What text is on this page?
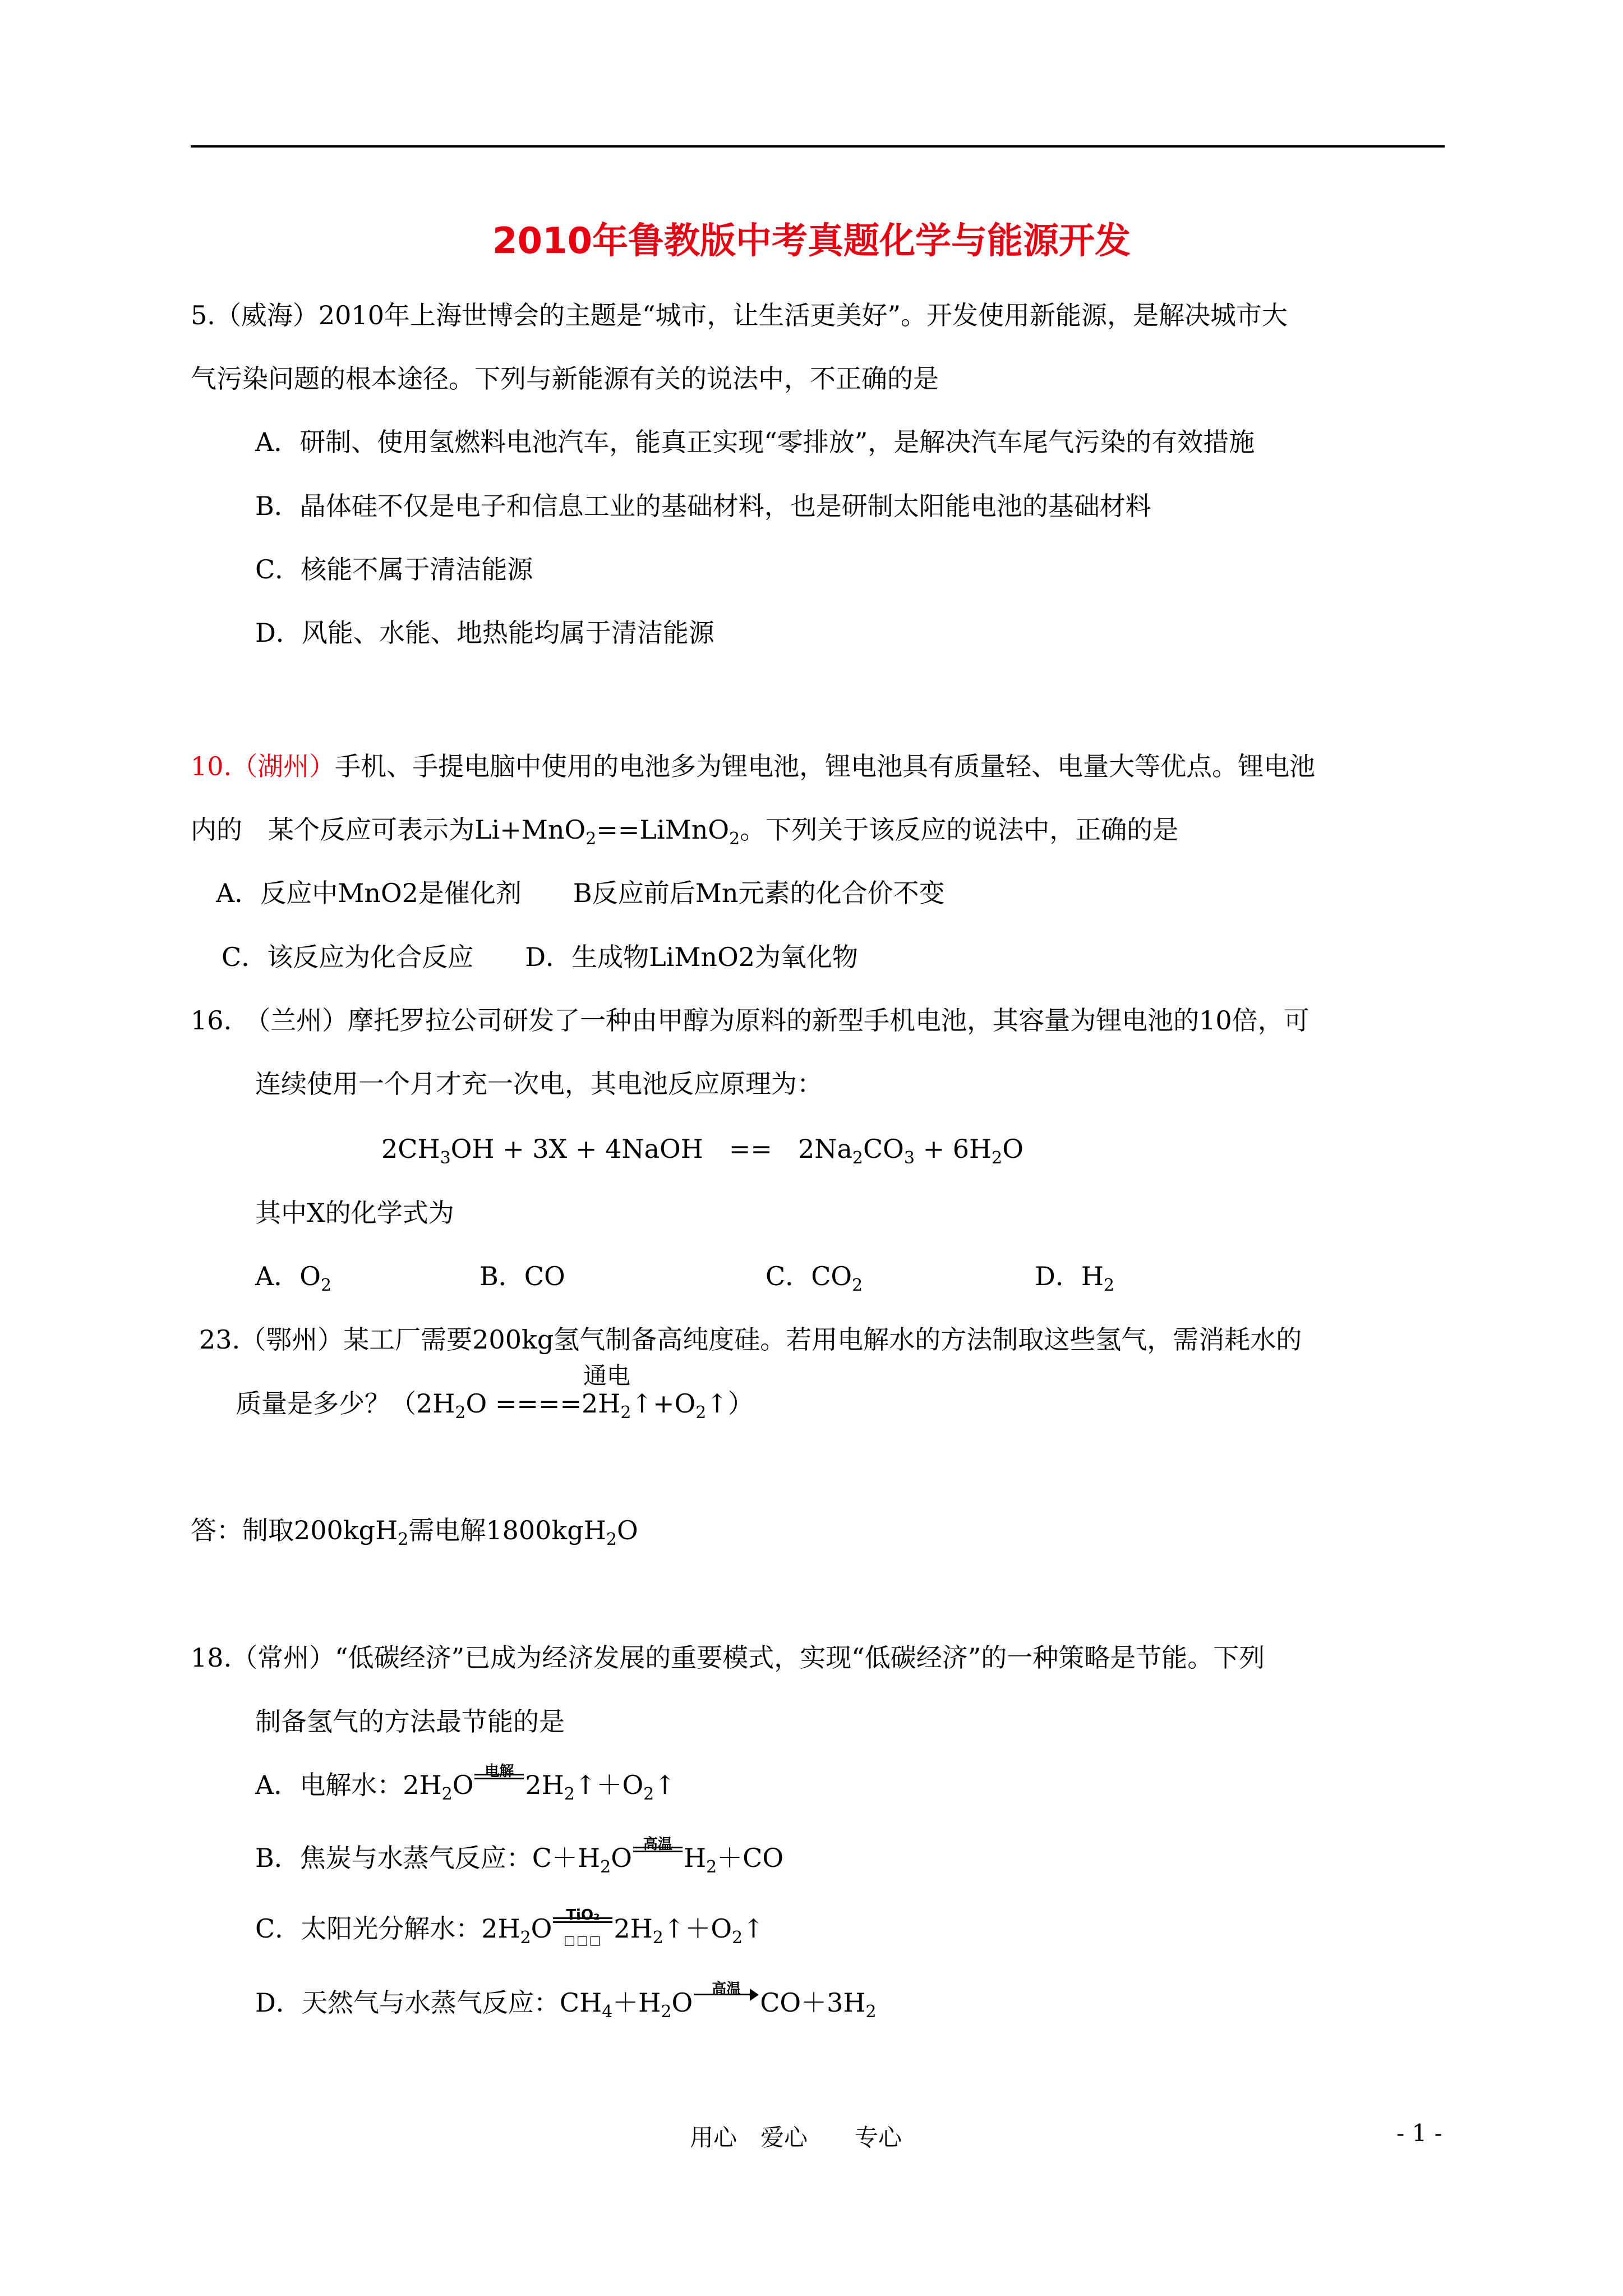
2010年鲁教版中考真题化学与能源开发
5.（威海）2010年上海世博会的主题是“城市，让生活更美好”。开发使用新能源，是解决城市大
气污染问题的根本途径。下列与新能源有关的说法中，不正确的是
A．研制、使用氢燃料电池汽车，能真正实现“零排放”，是解决汽车尾气污染的有效措施
B．晶体硅不仅是电子和信息工业的基础材料，也是研制太阳能电池的基础材料
C．核能不属于清洁能源
D．风能、水能、地热能均属于清洁能源
10.（湖州）手机、手提电脑中使用的电池多为锂电池，锂电池具有质量轻、电量大等优点。锂电池
内的　某个反应可表示为Li+MnO$_2$==LiMnO$_2$。下列关于该反应的说法中，正确的是
A．反应中MnO2是催化剂　　B反应前后Mn元素的化合价不变
C．该反应为化合反应　　D．生成物LiMnO2为氧化物
16.　（兰州）摩托罗拉公司研发了一种由甲醇为原料的新型手机电池，其容量为锂电池的10倍，可
连续使用一个月才充一次电，其电池反应原理为：
$2CH_3OH + 3X$ + 4NaOH　==　$2Na_2CO_3 + 6H_2O$
其中X的化学式为
A．$O_2$	B．CO	C．$CO_2$	D．$H_2$
23.（鄂州）某工厂需要200kg氢气制备高纯度硅。若用电解水的方法制取这些氢气，需消耗水的
通电
质量是多少？（$2H_2O$ $====2H_2↑+O_2↑$）
答：制取200kgH$_2$需电解1800kgH$_2$O
18.（常州）“低碳经济”已成为经济发展的重要模式，实现“低碳经济”的一种策略是节能。下列
制备氢气的方法最节能的是
A．电解水：$2H_2O$ 电解 $2H_2↑+O_2↑$
B．焦炭与水蒸气反应：$C+H_2O$ 高温 $H_2+CO$
C．太阳光分解水：$2H_2O$ TiO₂
□□□ $2H_2↑+O_2↑$
D．天然气与水蒸气反应：$CH_4+H_2O$	高温 $CO+3H_2$
用心　爱心　　专心	- 1 -
